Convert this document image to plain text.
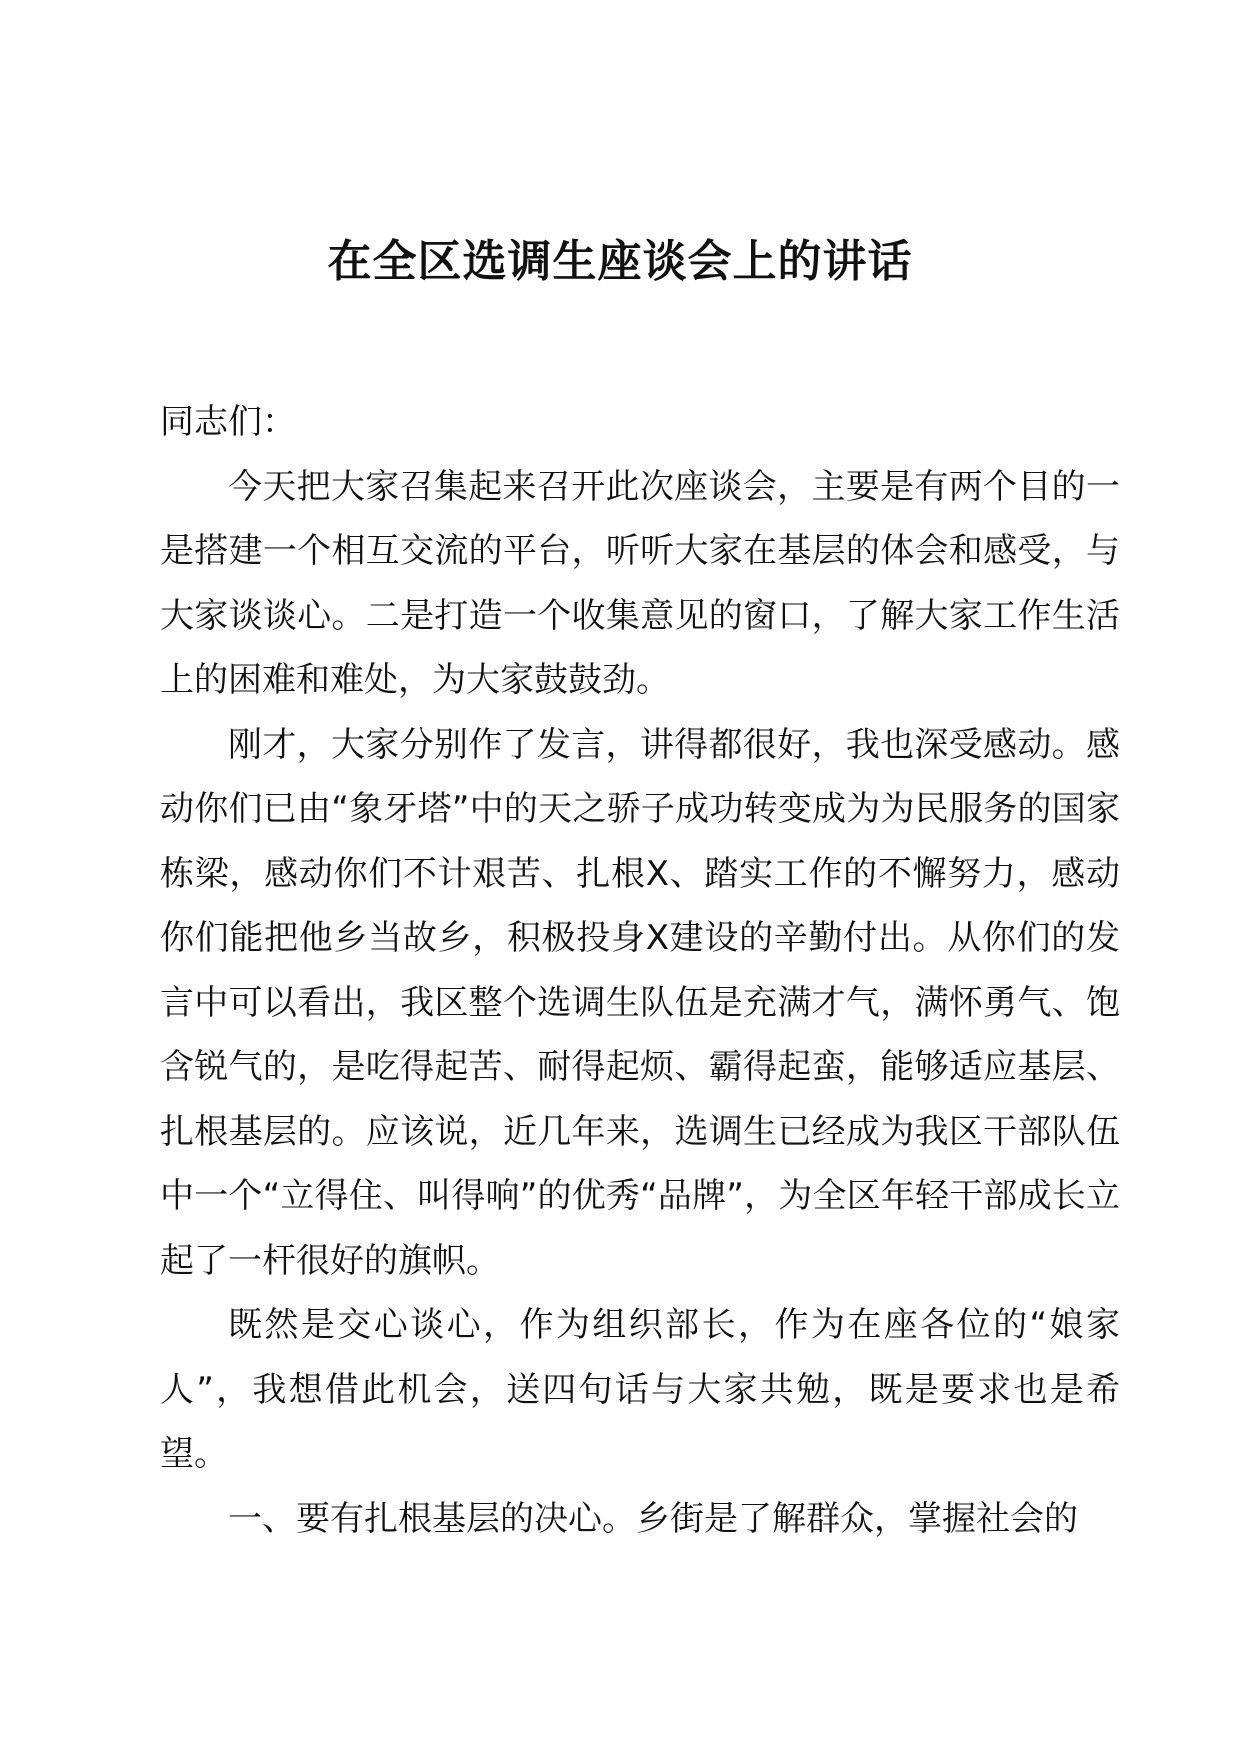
在全区选调生座谈会上的讲话

同志们：

今天把大家召集起来召开此次座谈会，主要是有两个目的一是搭建一个相互交流的平台，听听大家在基层的体会和感受，与大家谈谈心。二是打造一个收集意见的窗口，了解大家工作生活上的困难和难处，为大家鼓鼓劲。

刚才，大家分别作了发言，讲得都很好，我也深受感动。感动你们已由“象牙塔”中的天之骄子成功转变成为为民服务的国家栋梁，感动你们不计艰苦、扎根X、踏实工作的不懈努力，感动你们能把他乡当故乡，积极投身X建设的辛勤付出。从你们的发言中可以看出，我区整个选调生队伍是充满才气，满怀勇气、饱含锐气的，是吃得起苦、耐得起烦、霸得起蛮，能够适应基层、扎根基层的。应该说，近几年来，选调生已经成为我区干部队伍中一个“立得住、叫得响”的优秀“品牌”，为全区年轻干部成长立起了一杆很好的旗帜。

既然是交心谈心，作为组织部长，作为在座各位的“娘家人”，我想借此机会，送四句话与大家共勉，既是要求也是希望。

一、要有扎根基层的决心。乡街是了解群众，掌握社会的
